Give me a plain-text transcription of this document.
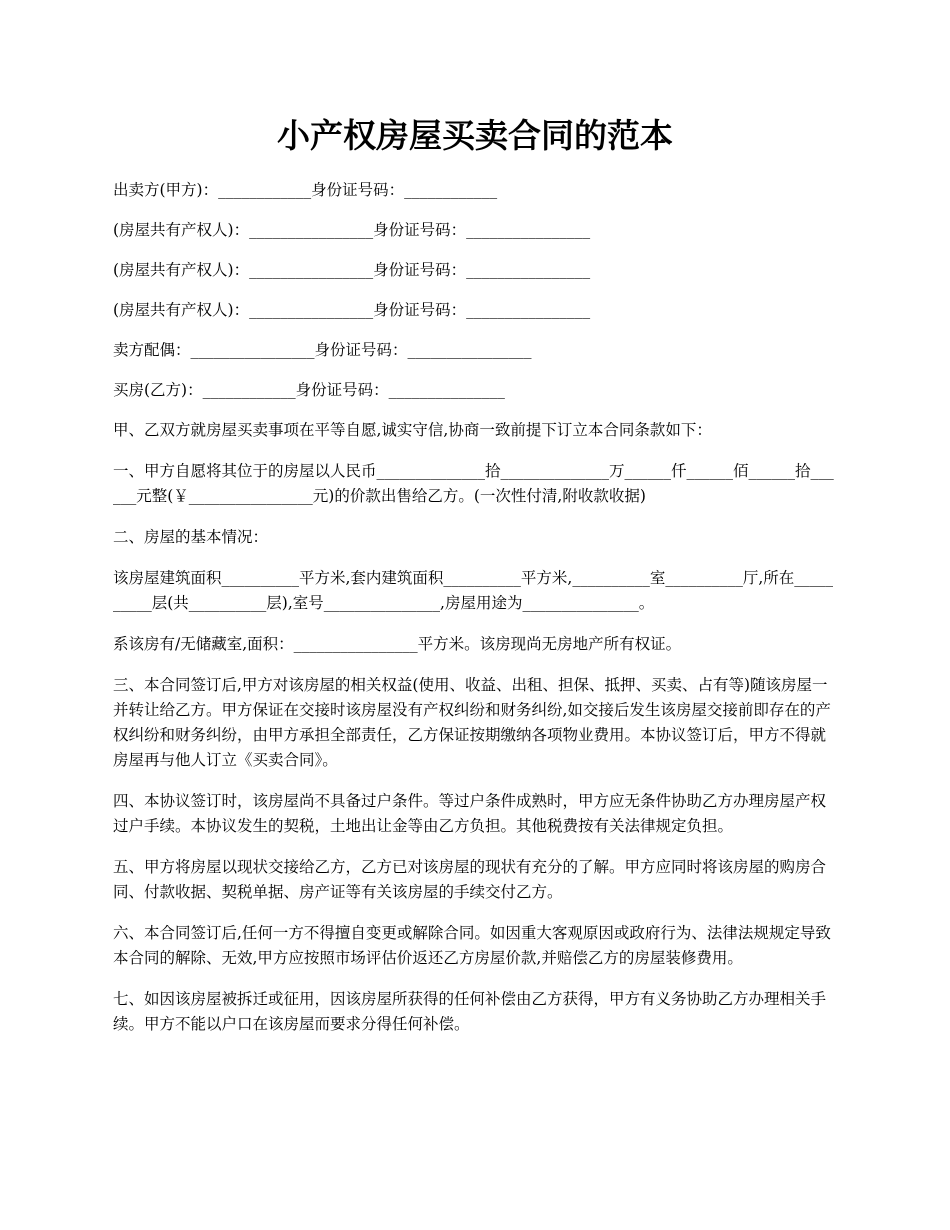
小产权房屋买卖合同的范本

出卖方(甲方)：____________身份证号码：____________

(房屋共有产权人)：________________身份证号码：________________

(房屋共有产权人)：________________身份证号码：________________

(房屋共有产权人)：________________身份证号码：________________

卖方配偶：________________身份证号码：________________

买房(乙方)：____________身份证号码：_______________

甲、乙双方就房屋买卖事项在平等自愿,诚实守信,协商一致前提下订立本合同条款如下：

一、甲方自愿将其位于的房屋以人民币______________拾______________万______仟______佰______拾______元整(￥________________元)的价款出售给乙方。(一次性付清,附收款收据)

二、房屋的基本情况：

该房屋建筑面积__________平方米,套内建筑面积__________平方米,__________室__________厅,所在__________层(共__________层),室号_______________,房屋用途为_______________。

系该房有/无储藏室,面积：________________平方米。该房现尚无房地产所有权证。

三、本合同签订后,甲方对该房屋的相关权益(使用、收益、出租、担保、抵押、买卖、占有等)随该房屋一并转让给乙方。甲方保证在交接时该房屋没有产权纠纷和财务纠纷,如交接后发生该房屋交接前即存在的产权纠纷和财务纠纷，由甲方承担全部责任，乙方保证按期缴纳各项物业费用。本协议签订后，甲方不得就房屋再与他人订立《买卖合同》。

四、本协议签订时，该房屋尚不具备过户条件。等过户条件成熟时，甲方应无条件协助乙方办理房屋产权过户手续。本协议发生的契税，土地出让金等由乙方负担。其他税费按有关法律规定负担。

五、甲方将房屋以现状交接给乙方，乙方已对该房屋的现状有充分的了解。甲方应同时将该房屋的购房合同、付款收据、契税单据、房产证等有关该房屋的手续交付乙方。

六、本合同签订后,任何一方不得擅自变更或解除合同。如因重大客观原因或政府行为、法律法规规定导致本合同的解除、无效,甲方应按照市场评估价返还乙方房屋价款,并赔偿乙方的房屋装修费用。

七、如因该房屋被拆迁或征用，因该房屋所获得的任何补偿由乙方获得，甲方有义务协助乙方办理相关手续。甲方不能以户口在该房屋而要求分得任何补偿。
